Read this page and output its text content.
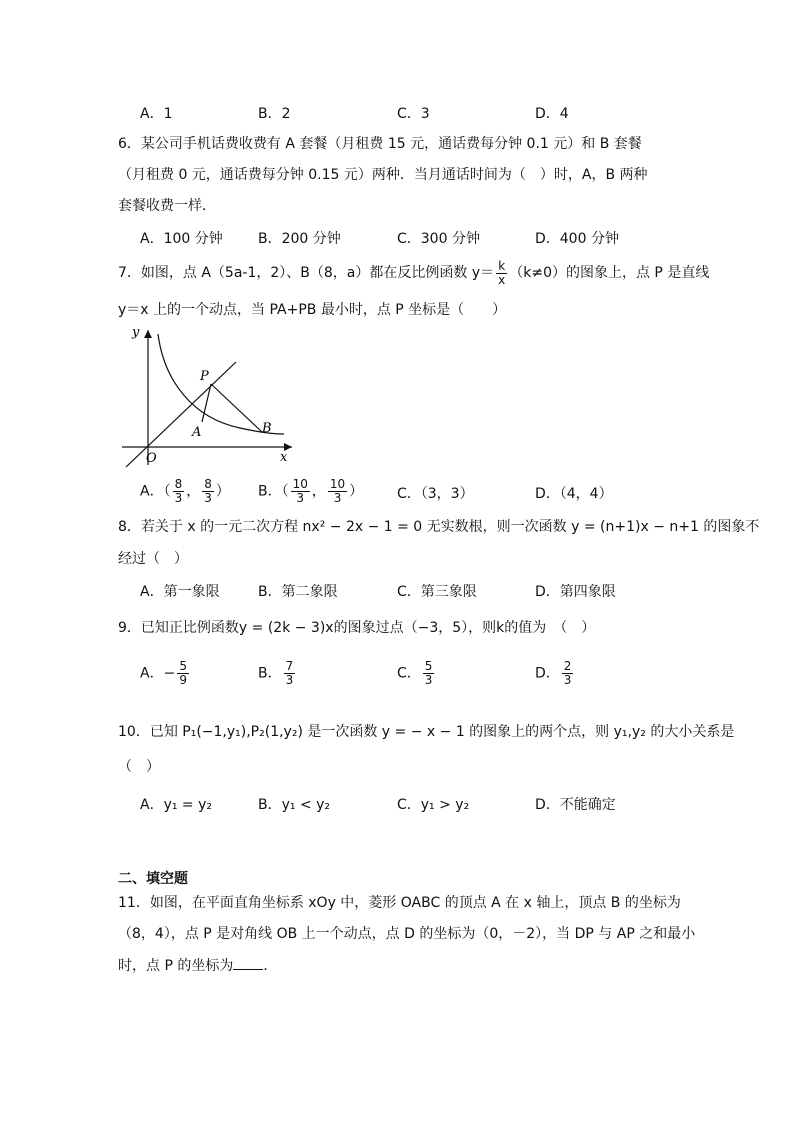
A．1	B．2	C．3	D．4
6．某公司手机话费收费有 A 套餐（月租费 15 元，通话费每分钟 0.1 元）和 B 套餐
（月租费 0 元，通话费每分钟 0.15 元）两种．当月通话时间为（　）时，A，B 两种
套餐收费一样．
A．100 分钟	B．200 分钟	C．300 分钟	D．400 分钟
7．如图，点 A（5a-1，2）、B（8，a）都在反比例函数 $y= \frac{k}{x} (k\ne 0)$的图象上，点 P 是直线
y＝x 上的一个动点，当 PA+PB 最小时，点 P 坐标是（　　）
y
x
O
P
A	B
A．（ $\frac{8}{3}$ ， $\frac{8}{3}$ ） B．（ $\frac{10}{3}$ ， $\frac{10}{3}$ ） C．（3，3）	D．（4，4）
8．若关于 x 的一元二次方程 nx² − 2x − 1 = 0 无实数根，则一次函数 y = (n+1)x − n+1 的图象不
经过（　）
A．第一象限	B．第二象限	C．第三象限	D．第四象限
9．已知正比例函数y = (2k − 3)x的图象过点（−3，5），则k的值为　（　）
A．− $\frac{5}{9}$	B． $\frac{7}{3}$	C． $\frac{5}{3}$	D． $\frac{2}{3}$
10．已知 P₁(−1,y₁),P₂(1,y₂) 是一次函数 y = − x − 1 的图象上的两个点，则 y₁,y₂ 的大小关系是
（　）
A．y₁ = y₂	B．y₁ < y₂	C．y₁ > y₂	D．不能确定
二、填空题
11．如图，在平面直角坐标系 xOy 中，菱形 OABC 的顶点 A 在 x 轴上，顶点 B 的坐标为
（8，4），点 P 是对角线 OB 上一个动点，点 D 的坐标为（0，－2），当 DP 与 AP 之和最小
时，点 P 的坐标为 ．
